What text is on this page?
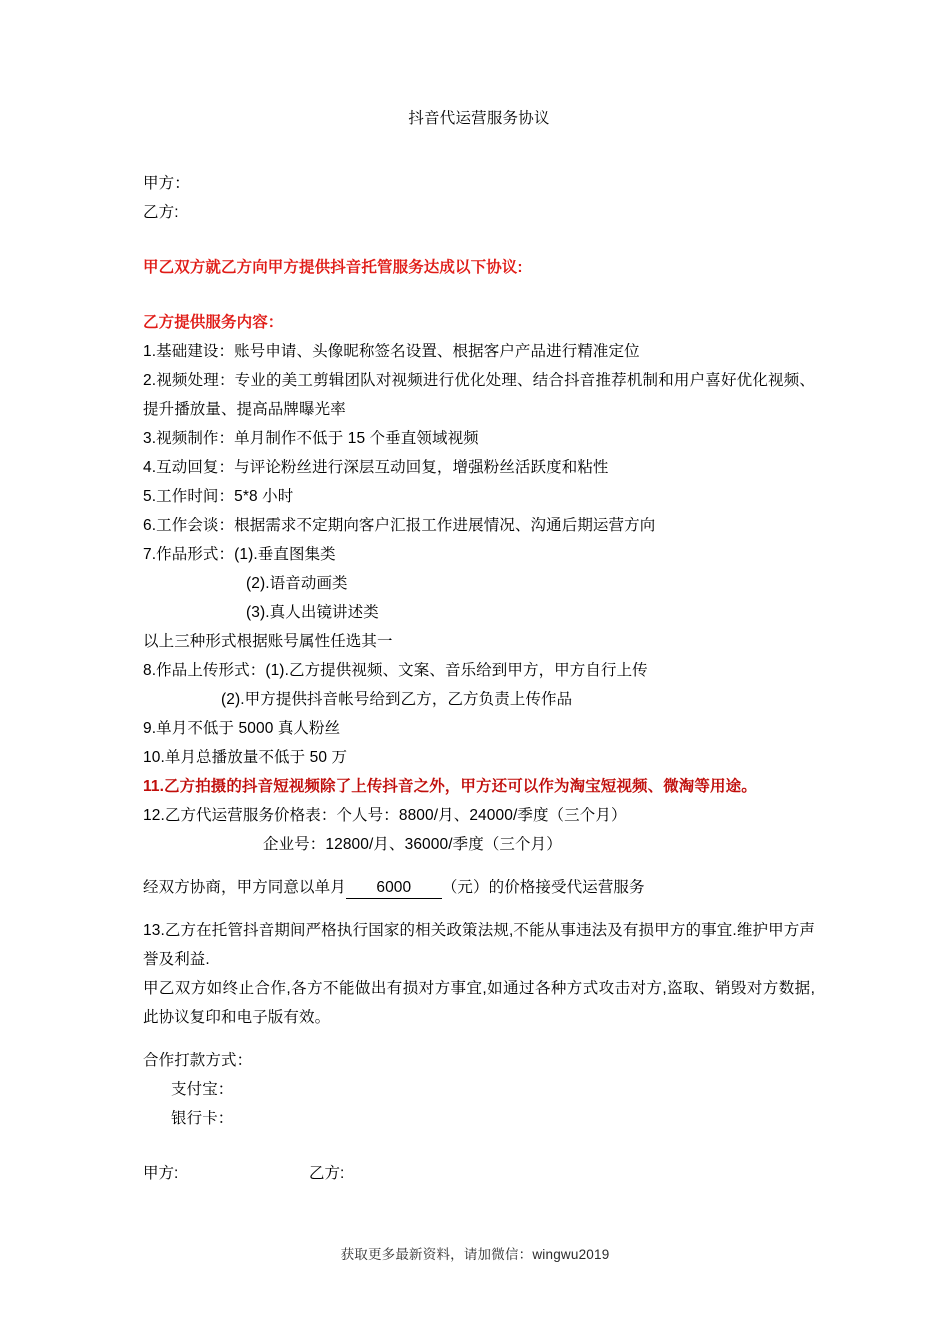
抖音代运营服务协议
甲方：
乙方:
甲乙双方就乙方向甲方提供抖音托管服务达成以下协议:
乙方提供服务内容：
1.基础建设：账号申请、头像昵称签名设置、根据客户产品进行精准定位
2.视频处理：专业的美工剪辑团队对视频进行优化处理、结合抖音推荐机制和用户喜好优化视频、提升播放量、提高品牌曝光率
3.视频制作：单月制作不低于 15 个垂直领域视频
4.互动回复：与评论粉丝进行深层互动回复，增强粉丝活跃度和粘性
5.工作时间：5*8 小时
6.工作会谈：根据需求不定期向客户汇报工作进展情况、沟通后期运营方向
7.作品形式：(1).垂直图集类
(2).语音动画类
(3).真人出镜讲述类
以上三种形式根据账号属性任选其一
8.作品上传形式：(1).乙方提供视频、文案、音乐给到甲方，甲方自行上传
(2).甲方提供抖音帐号给到乙方，乙方负责上传作品
9.单月不低于 5000 真人粉丝
10.单月总播放量不低于 50 万
11.乙方拍摄的抖音短视频除了上传抖音之外，甲方还可以作为淘宝短视频、微淘等用途。
12.乙方代运营服务价格表：个人号：8800/月、24000/季度（三个月）
企业号：12800/月、36000/季度（三个月）
经双方协商，甲方同意以单月 6000 （元）的价格接受代运营服务
13.乙方在托管抖音期间严格执行国家的相关政策法规,不能从事违法及有损甲方的事宜.维护甲方声誉及利益.
甲乙双方如终止合作,各方不能做出有损对方事宜,如通过各种方式攻击对方,盗取、销毁对方数据,此协议复印和电子版有效。
合作打款方式：
支付宝：
银行卡：
甲方:	乙方:
获取更多最新资料，请加微信：wingwu2019
